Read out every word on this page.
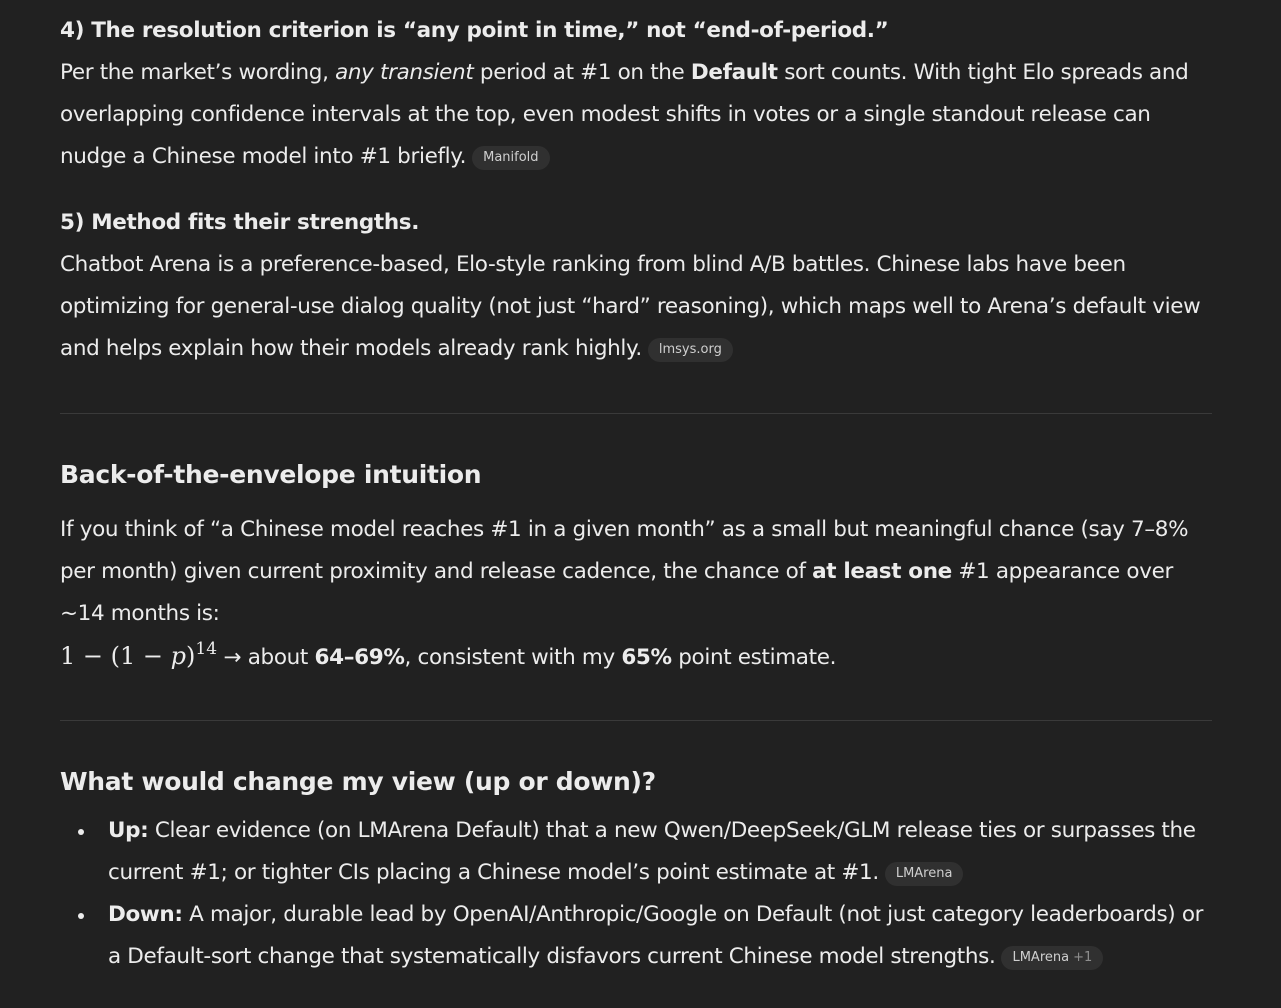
4) The resolution criterion is “any point in time,” not “end-of-period.”

Per the market’s wording, any transient period at #1 on the Default sort counts. With tight Elo spreads and overlapping confidence intervals at the top, even modest shifts in votes or a single standout release can nudge a Chinese model into #1 briefly. Manifold

5) Method fits their strengths.

Chatbot Arena is a preference-based, Elo-style ranking from blind A/B battles. Chinese labs have been optimizing for general-use dialog quality (not just “hard” reasoning), which maps well to Arena’s default view and helps explain how their models already rank highly. lmsys.org

Back-of-the-envelope intuition

If you think of “a Chinese model reaches #1 in a given month” as a small but meaningful chance (say 7–8% per month) given current proximity and release cadence, the chance of at least one #1 appearance over ~14 months is:

$1 - (1 - p)^{14}$ → about 64–69%, consistent with my 65% point estimate.

What would change my view (up or down)?
Up: Clear evidence (on LMArena Default) that a new Qwen/DeepSeek/GLM release ties or surpasses the current #1; or tighter CIs placing a Chinese model’s point estimate at #1. LMArena
Down: A major, durable lead by OpenAI/Anthropic/Google on Default (not just category leaderboards) or a Default-sort change that systematically disfavors current Chinese model strengths. LMArena +1
